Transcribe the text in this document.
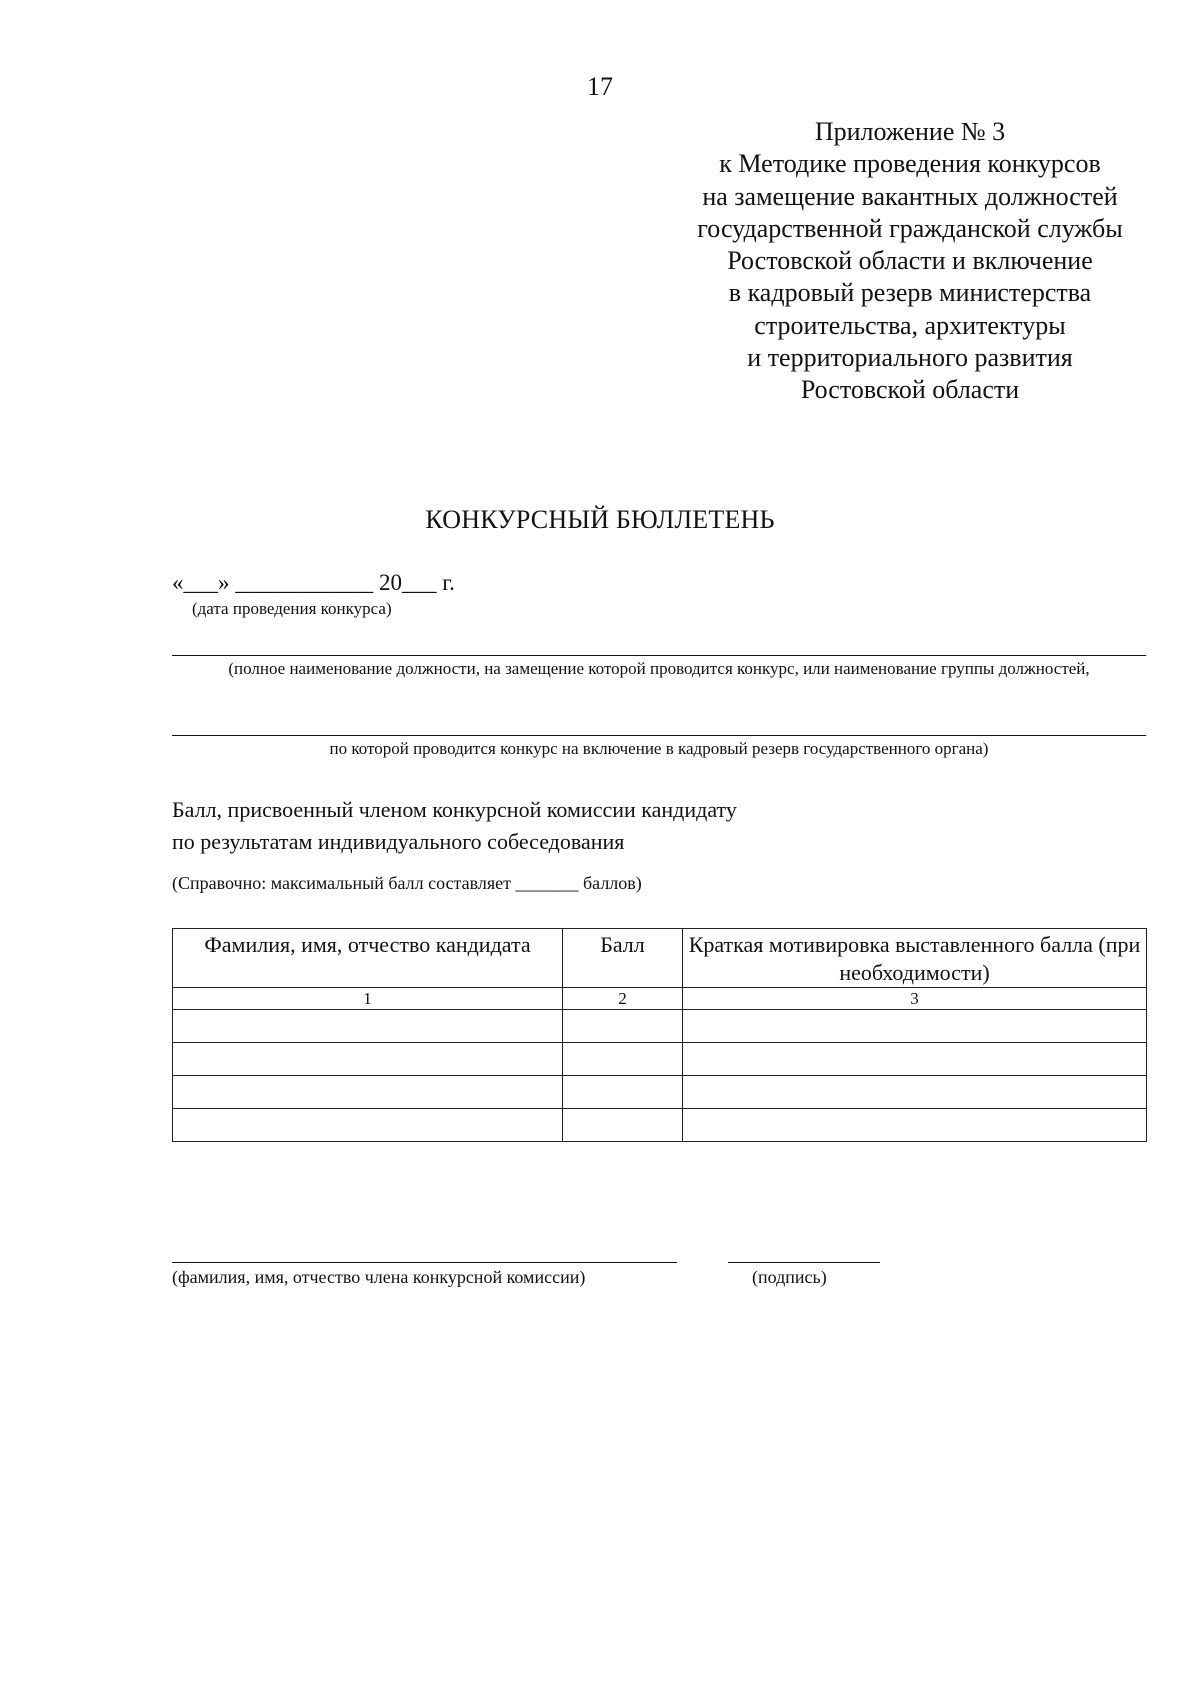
17
Приложение № 3
к Методике проведения конкурсов
на замещение вакантных должностей
государственной гражданской службы
Ростовской области и включение
в кадровый резерв министерства
строительства, архитектуры
и территориального развития
Ростовской области
КОНКУРСНЫЙ БЮЛЛЕТЕНЬ
«___» ____________ 20___ г.
(дата проведения конкурса)
(полное наименование должности, на замещение которой проводится конкурс, или наименование группы должностей,
по которой проводится конкурс на включение в кадровый резерв государственного органа)
Балл, присвоенный членом конкурсной комиссии кандидату
по результатам индивидуального собеседования
(Справочно: максимальный балл составляет _______ баллов)
Фамилия, имя, отчество кандидата	Балл	Краткая мотивировка выставленного балла (при необходимости)
1	2	3

(фамилия, имя, отчество члена конкурсной комиссии)	(подпись)
